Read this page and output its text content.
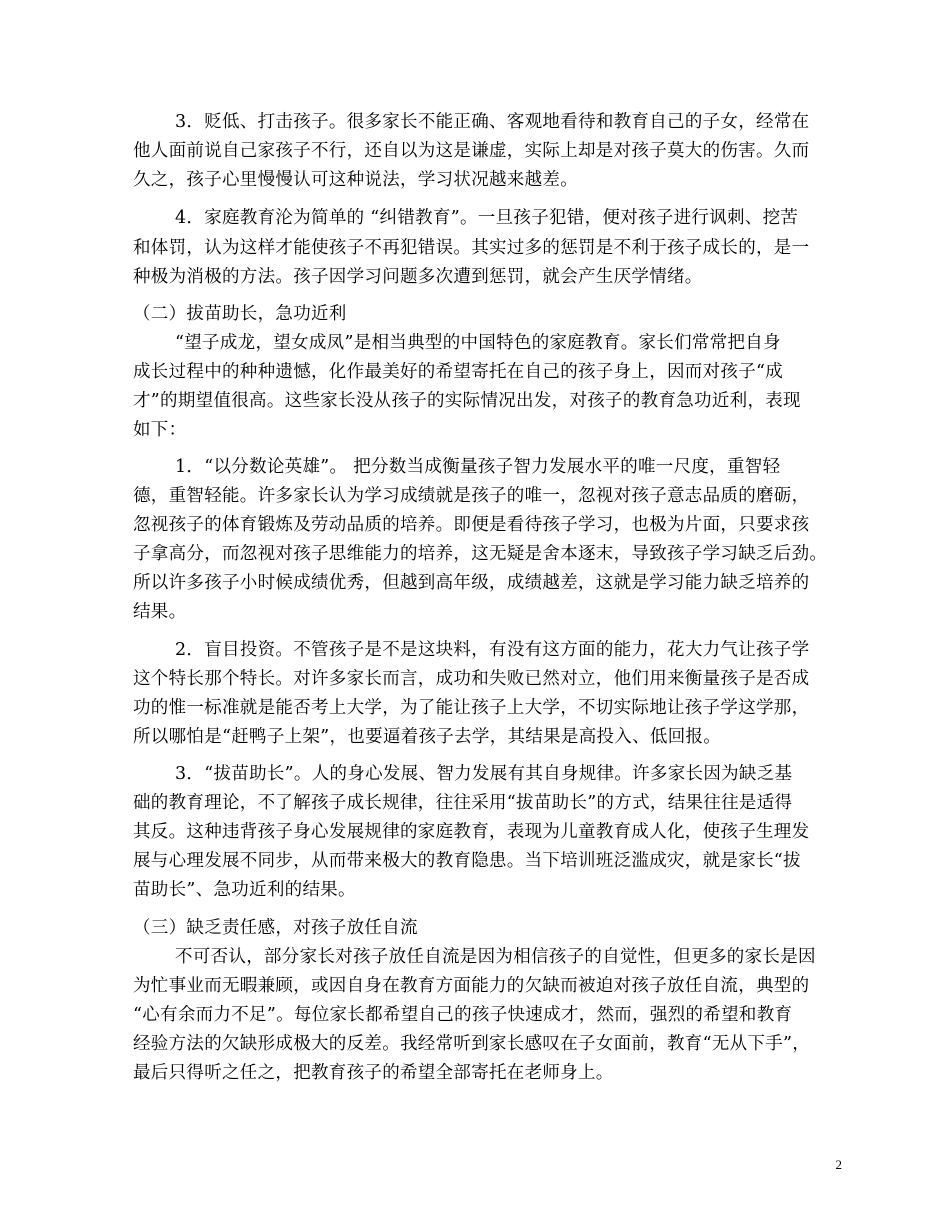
3．贬低、打击孩子。很多家长不能正确、客观地看待和教育自己的子女，经常在
他人面前说自己家孩子不行，还自以为这是谦虚，实际上却是对孩子莫大的伤害。久而
久之，孩子心里慢慢认可这种说法，学习状况越来越差。
4．家庭教育沦为简单的 “纠错教育”。一旦孩子犯错，便对孩子进行讽刺、挖苦
和体罚，认为这样才能使孩子不再犯错误。其实过多的惩罚是不利于孩子成长的，是一
种极为消极的方法。孩子因学习问题多次遭到惩罚，就会产生厌学情绪。
（二）拔苗助长，急功近利
“望子成龙，望女成凤”是相当典型的中国特色的家庭教育。家长们常常把自身
成长过程中的种种遗憾，化作最美好的希望寄托在自己的孩子身上，因而对孩子“成
才”的期望值很高。这些家长没从孩子的实际情况出发，对孩子的教育急功近利，表现
如下：
1．“以分数论英雄”。 把分数当成衡量孩子智力发展水平的唯一尺度，重智轻
德，重智轻能。许多家长认为学习成绩就是孩子的唯一，忽视对孩子意志品质的磨砺，
忽视孩子的体育锻炼及劳动品质的培养。即便是看待孩子学习，也极为片面，只要求孩
子拿高分，而忽视对孩子思维能力的培养，这无疑是舍本逐末，导致孩子学习缺乏后劲。
所以许多孩子小时候成绩优秀，但越到高年级，成绩越差，这就是学习能力缺乏培养的
结果。
2．盲目投资。不管孩子是不是这块料，有没有这方面的能力，花大力气让孩子学
这个特长那个特长。对许多家长而言，成功和失败已然对立，他们用来衡量孩子是否成
功的惟一标准就是能否考上大学，为了能让孩子上大学，不切实际地让孩子学这学那，
所以哪怕是“赶鸭子上架”，也要逼着孩子去学，其结果是高投入、低回报。
3．“拔苗助长”。人的身心发展、智力发展有其自身规律。许多家长因为缺乏基
础的教育理论，不了解孩子成长规律，往往采用“拔苗助长”的方式，结果往往是适得
其反。这种违背孩子身心发展规律的家庭教育，表现为儿童教育成人化，使孩子生理发
展与心理发展不同步，从而带来极大的教育隐患。当下培训班泛滥成灾，就是家长“拔
苗助长”、急功近利的结果。
（三）缺乏责任感，对孩子放任自流
不可否认，部分家长对孩子放任自流是因为相信孩子的自觉性，但更多的家长是因
为忙事业而无暇兼顾，或因自身在教育方面能力的欠缺而被迫对孩子放任自流，典型的
“心有余而力不足”。每位家长都希望自己的孩子快速成才，然而，强烈的希望和教育
经验方法的欠缺形成极大的反差。我经常听到家长感叹在子女面前，教育“无从下手”，
最后只得听之任之，把教育孩子的希望全部寄托在老师身上。
2
